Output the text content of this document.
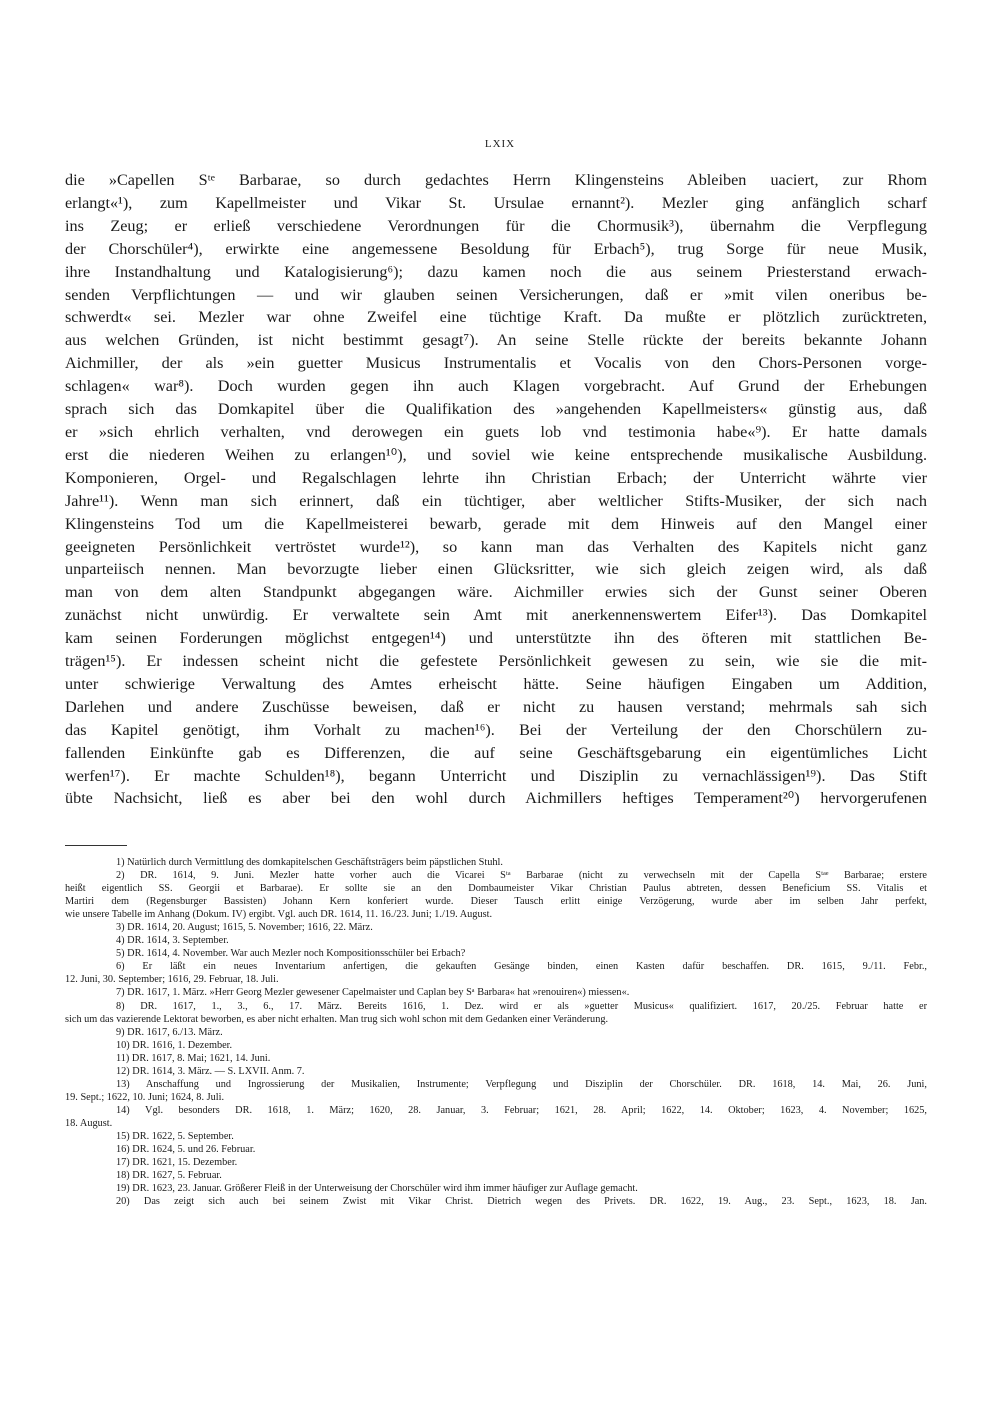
LXIX
die »Capellen Sᵗᵉ Barbarae, so durch gedachtes Herrn Klingensteins Ableiben uaciert, zur Rhom
erlangt«¹), zum Kapellmeister und Vikar St. Ursulae ernannt²). Mezler ging anfänglich scharf
ins Zeug; er erließ verschiedene Verordnungen für die Chormusik³), übernahm die Verpflegung
der Chorschüler⁴), erwirkte eine angemessene Besoldung für Erbach⁵), trug Sorge für neue Musik,
ihre Instandhaltung und Katalogisierung⁶); dazu kamen noch die aus seinem Priesterstand erwach-
senden Verpflichtungen — und wir glauben seinen Versicherungen, daß er »mit vilen oneribus be-
schwerdt« sei. Mezler war ohne Zweifel eine tüchtige Kraft. Da mußte er plötzlich zurücktreten,
aus welchen Gründen, ist nicht bestimmt gesagt⁷). An seine Stelle rückte der bereits bekannte Johann
Aichmiller, der als »ein guetter Musicus Instrumentalis et Vocalis von den Chors-Personen vorge-
schlagen« war⁸). Doch wurden gegen ihn auch Klagen vorgebracht. Auf Grund der Erhebungen
sprach sich das Domkapitel über die Qualifikation des »angehenden Kapellmeisters« günstig aus, daß
er »sich ehrlich verhalten, vnd derowegen ein guets lob vnd testimonia habe«⁹). Er hatte damals
erst die niederen Weihen zu erlangen¹⁰), und soviel wie keine entsprechende musikalische Ausbildung.
Komponieren, Orgel- und Regalschlagen lehrte ihn Christian Erbach; der Unterricht währte vier
Jahre¹¹). Wenn man sich erinnert, daß ein tüchtiger, aber weltlicher Stifts-Musiker, der sich nach
Klingensteins Tod um die Kapellmeisterei bewarb, gerade mit dem Hinweis auf den Mangel einer
geeigneten Persönlichkeit vertröstet wurde¹²), so kann man das Verhalten des Kapitels nicht ganz
unparteiisch nennen. Man bevorzugte lieber einen Glücksritter, wie sich gleich zeigen wird, als daß
man von dem alten Standpunkt abgegangen wäre. Aichmiller erwies sich der Gunst seiner Oberen
zunächst nicht unwürdig. Er verwaltete sein Amt mit anerkennenswertem Eifer¹³). Das Domkapitel
kam seinen Forderungen möglichst entgegen¹⁴) und unterstützte ihn des öfteren mit stattlichen Be-
trägen¹⁵). Er indessen scheint nicht die gefestete Persönlichkeit gewesen zu sein, wie sie die mit-
unter schwierige Verwaltung des Amtes erheischt hätte. Seine häufigen Eingaben um Addition,
Darlehen und andere Zuschüsse beweisen, daß er nicht zu hausen verstand; mehrmals sah sich
das Kapitel genötigt, ihm Vorhalt zu machen¹⁶). Bei der Verteilung der den Chorschülern zu-
fallenden Einkünfte gab es Differenzen, die auf seine Geschäftsgebarung ein eigentümliches Licht
werfen¹⁷). Er machte Schulden¹⁸), begann Unterricht und Disziplin zu vernachlässigen¹⁹). Das Stift
übte Nachsicht, ließ es aber bei den wohl durch Aichmillers heftiges Temperament²⁰) hervorgerufenen
1) Natürlich durch Vermittlung des domkapitelschen Geschäftsträgers beim päpstlichen Stuhl.
2) DR. 1614, 9. Juni. Mezler hatte vorher auch die Vicarei Sᵗᵃ Barbarae (nicht zu verwechseln mit der Capella Sᵗᵃᵉ Barbarae; erstere
heißt eigentlich SS. Georgii et Barbarae). Er sollte sie an den Dombaumeister Vikar Christian Paulus abtreten, dessen Beneficium SS. Vitalis et
Martiri dem (Regensburger Bassisten) Johann Kern konferiert wurde. Dieser Tausch erlitt einige Verzögerung, wurde aber im selben Jahr perfekt,
wie unsere Tabelle im Anhang (Dokum. IV) ergibt. Vgl. auch DR. 1614, 11. 16./23. Juni; 1./19. August.
3) DR. 1614, 20. August; 1615, 5. November; 1616, 22. März.
4) DR. 1614, 3. September.
5) DR. 1614, 4. November. War auch Mezler noch Kompositionsschüler bei Erbach?
6) Er läßt ein neues Inventarium anfertigen, die gekauften Gesänge binden, einen Kasten dafür beschaffen. DR. 1615, 9./11. Febr.,
12. Juni, 30. September; 1616, 29. Februar, 18. Juli.
7) DR. 1617, 1. März. »Herr Georg Mezler gewesener Capelmaister und Caplan bey Sᵃ Barbara« hat »renouiren«) miessen«.
8) DR. 1617, 1., 3., 6., 17. März. Bereits 1616, 1. Dez. wird er als »guetter Musicus« qualifiziert. 1617, 20./25. Februar hatte er
sich um das vazierende Lektorat beworben, es aber nicht erhalten. Man trug sich wohl schon mit dem Gedanken einer Veränderung.
9) DR. 1617, 6./13. März.
10) DR. 1616, 1. Dezember.
11) DR. 1617, 8. Mai; 1621, 14. Juni.
12) DR. 1614, 3. März. — S. LXVII. Anm. 7.
13) Anschaffung und Ingrossierung der Musikalien, Instrumente; Verpflegung und Disziplin der Chorschüler. DR. 1618, 14. Mai, 26. Juni,
19. Sept.; 1622, 10. Juni; 1624, 8. Juli.
14) Vgl. besonders DR. 1618, 1. März; 1620, 28. Januar, 3. Februar; 1621, 28. April; 1622, 14. Oktober; 1623, 4. November; 1625,
18. August.
15) DR. 1622, 5. September.
16) DR. 1624, 5. und 26. Februar.
17) DR. 1621, 15. Dezember.
18) DR. 1627, 5. Februar.
19) DR. 1623, 23. Januar. Größerer Fleiß in der Unterweisung der Chorschüler wird ihm immer häufiger zur Auflage gemacht.
20) Das zeigt sich auch bei seinem Zwist mit Vikar Christ. Dietrich wegen des Privets. DR. 1622, 19. Aug., 23. Sept., 1623, 18. Jan.
